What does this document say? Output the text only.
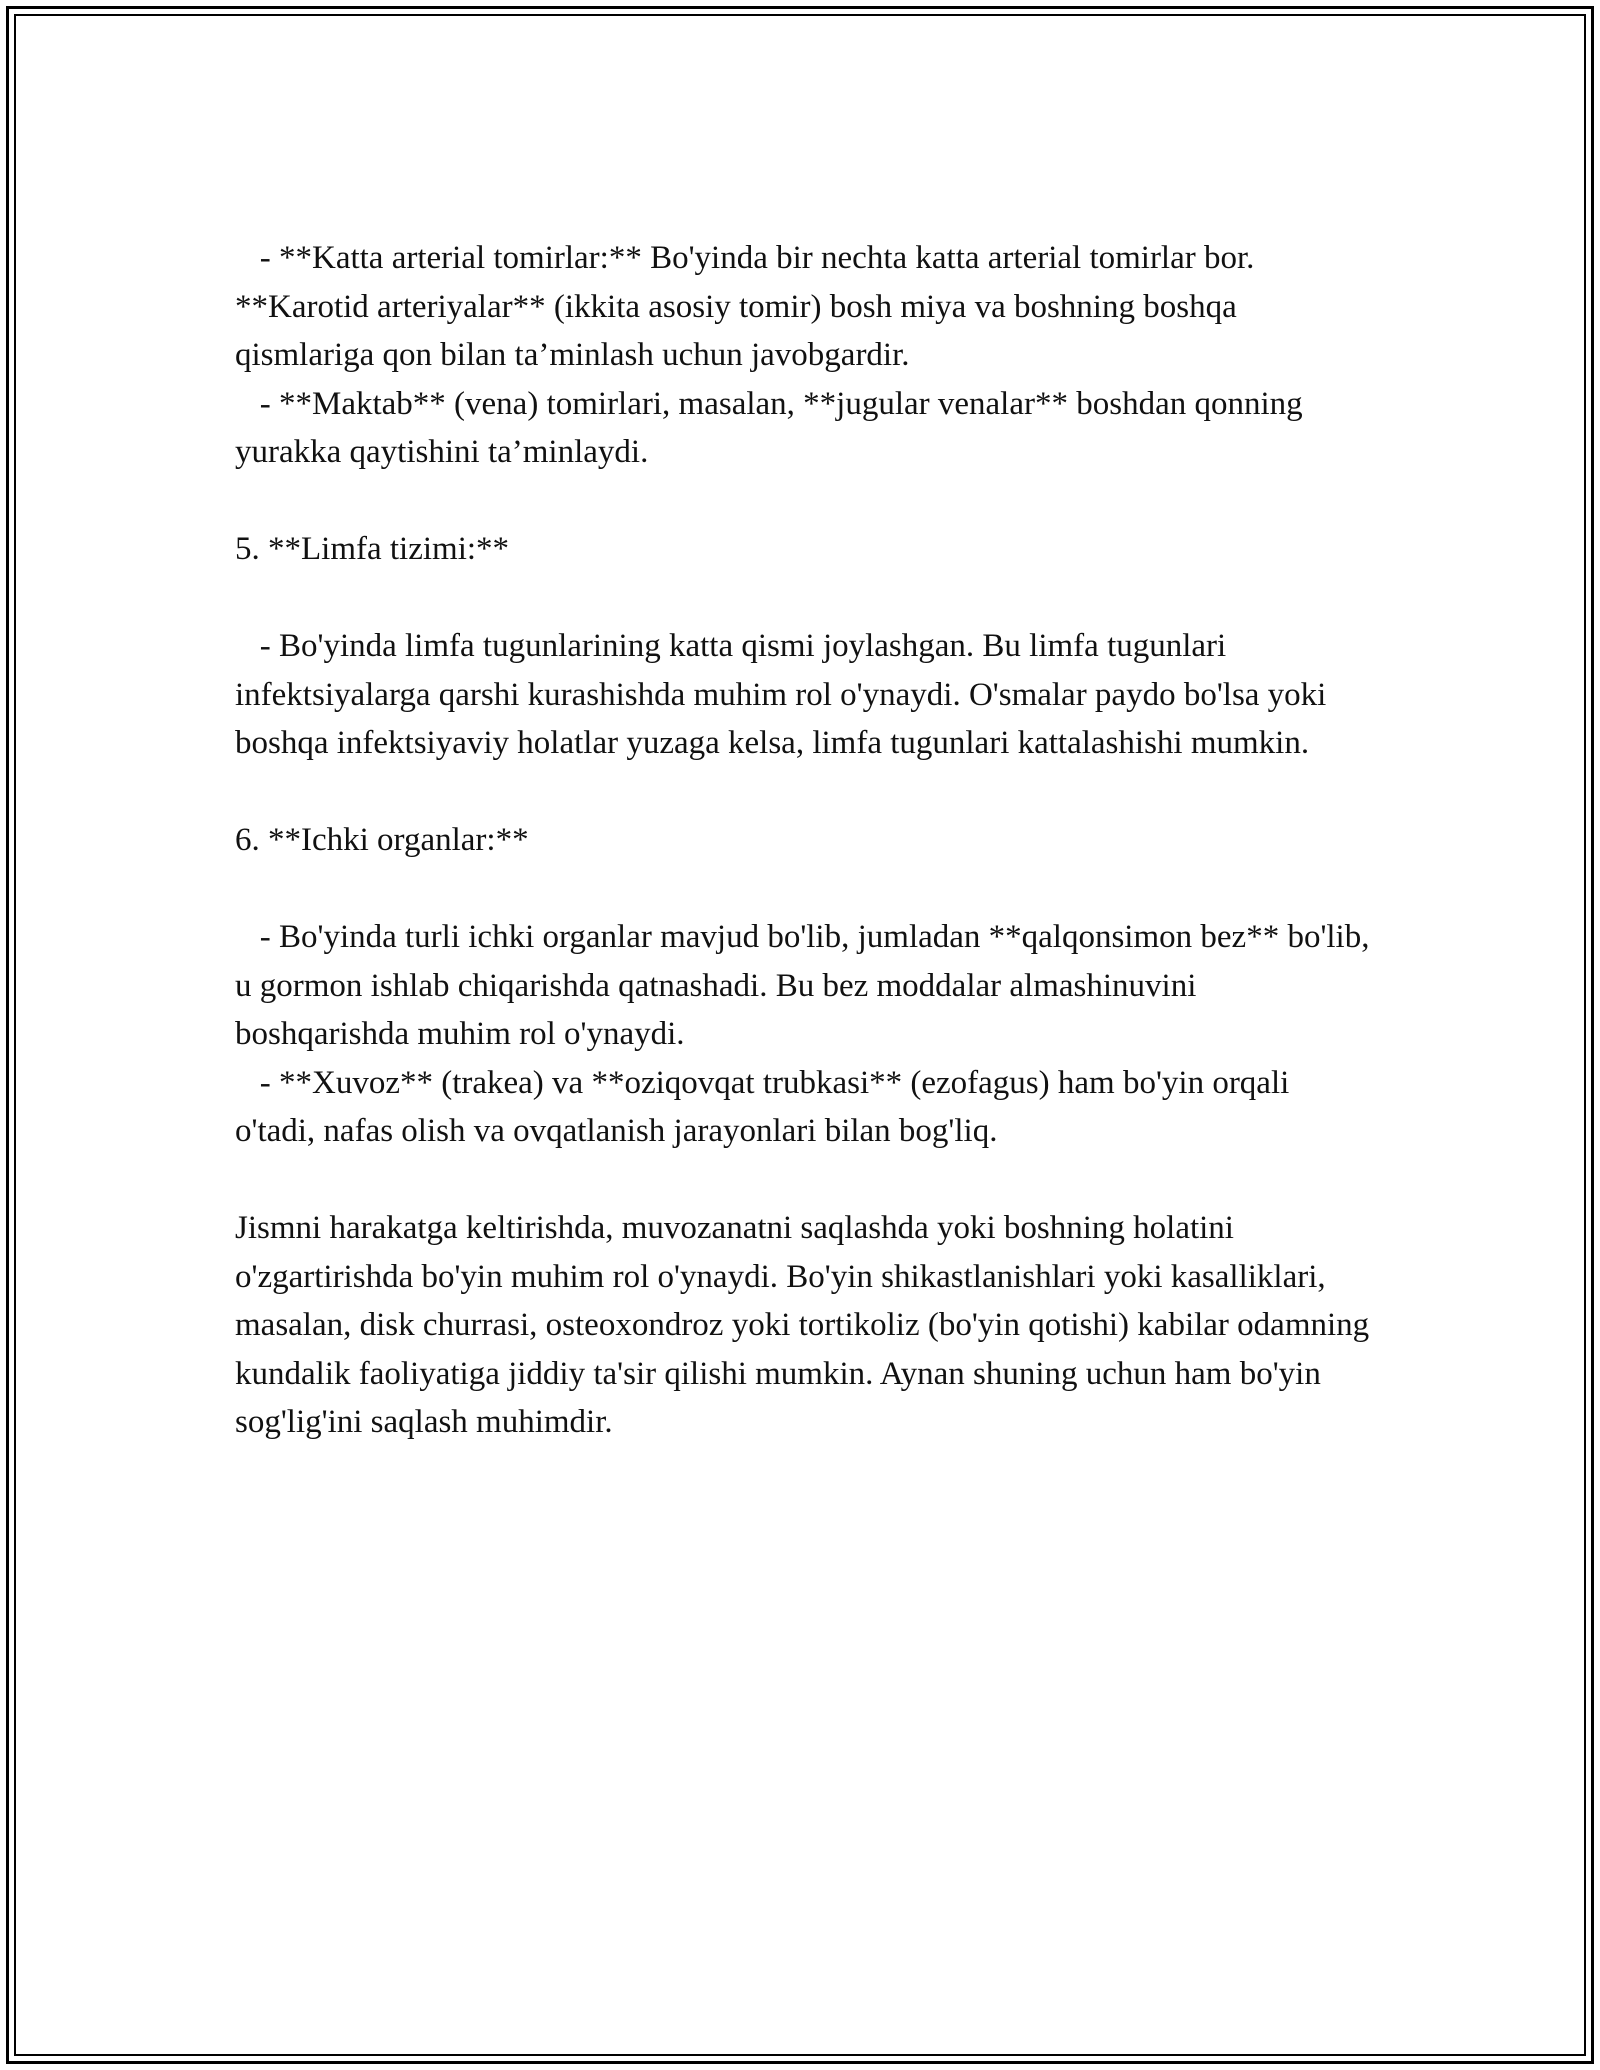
- **Katta arterial tomirlar:** Bo'yinda bir nechta katta arterial tomirlar bor. **Karotid arteriyalar** (ikkita asosiy tomir) bosh miya va boshning boshqa qismlariga qon bilan ta’minlash uchun javobgardir.

- **Maktab** (vena) tomirlari, masalan, **jugular venalar** boshdan qonning yurakka qaytishini ta’minlaydi.

5. **Limfa tizimi:**

- Bo'yinda limfa tugunlarining katta qismi joylashgan. Bu limfa tugunlari infektsiyalarga qarshi kurashishda muhim rol o'ynaydi. O'smalar paydo bo'lsa yoki boshqa infektsiyaviy holatlar yuzaga kelsa, limfa tugunlari kattalashishi mumkin.

6. **Ichki organlar:**

- Bo'yinda turli ichki organlar mavjud bo'lib, jumladan **qalqonsimon bez** bo'lib, u gormon ishlab chiqarishda qatnashadi. Bu bez moddalar almashinuvini boshqarishda muhim rol o'ynaydi.

- **Xuvoz** (trakea) va **oziqovqat trubkasi** (ezofagus) ham bo'yin orqali o'tadi, nafas olish va ovqatlanish jarayonlari bilan bog'liq.

Jismni harakatga keltirishda, muvozanatni saqlashda yoki boshning holatini o'zgartirishda bo'yin muhim rol o'ynaydi. Bo'yin shikastlanishlari yoki kasalliklari, masalan, disk churrasi, osteoxondroz yoki tortikoliz (bo'yin qotishi) kabilar odamning kundalik faoliyatiga jiddiy ta'sir qilishi mumkin. Aynan shuning uchun ham bo'yin sog'lig'ini saqlash muhimdir.
